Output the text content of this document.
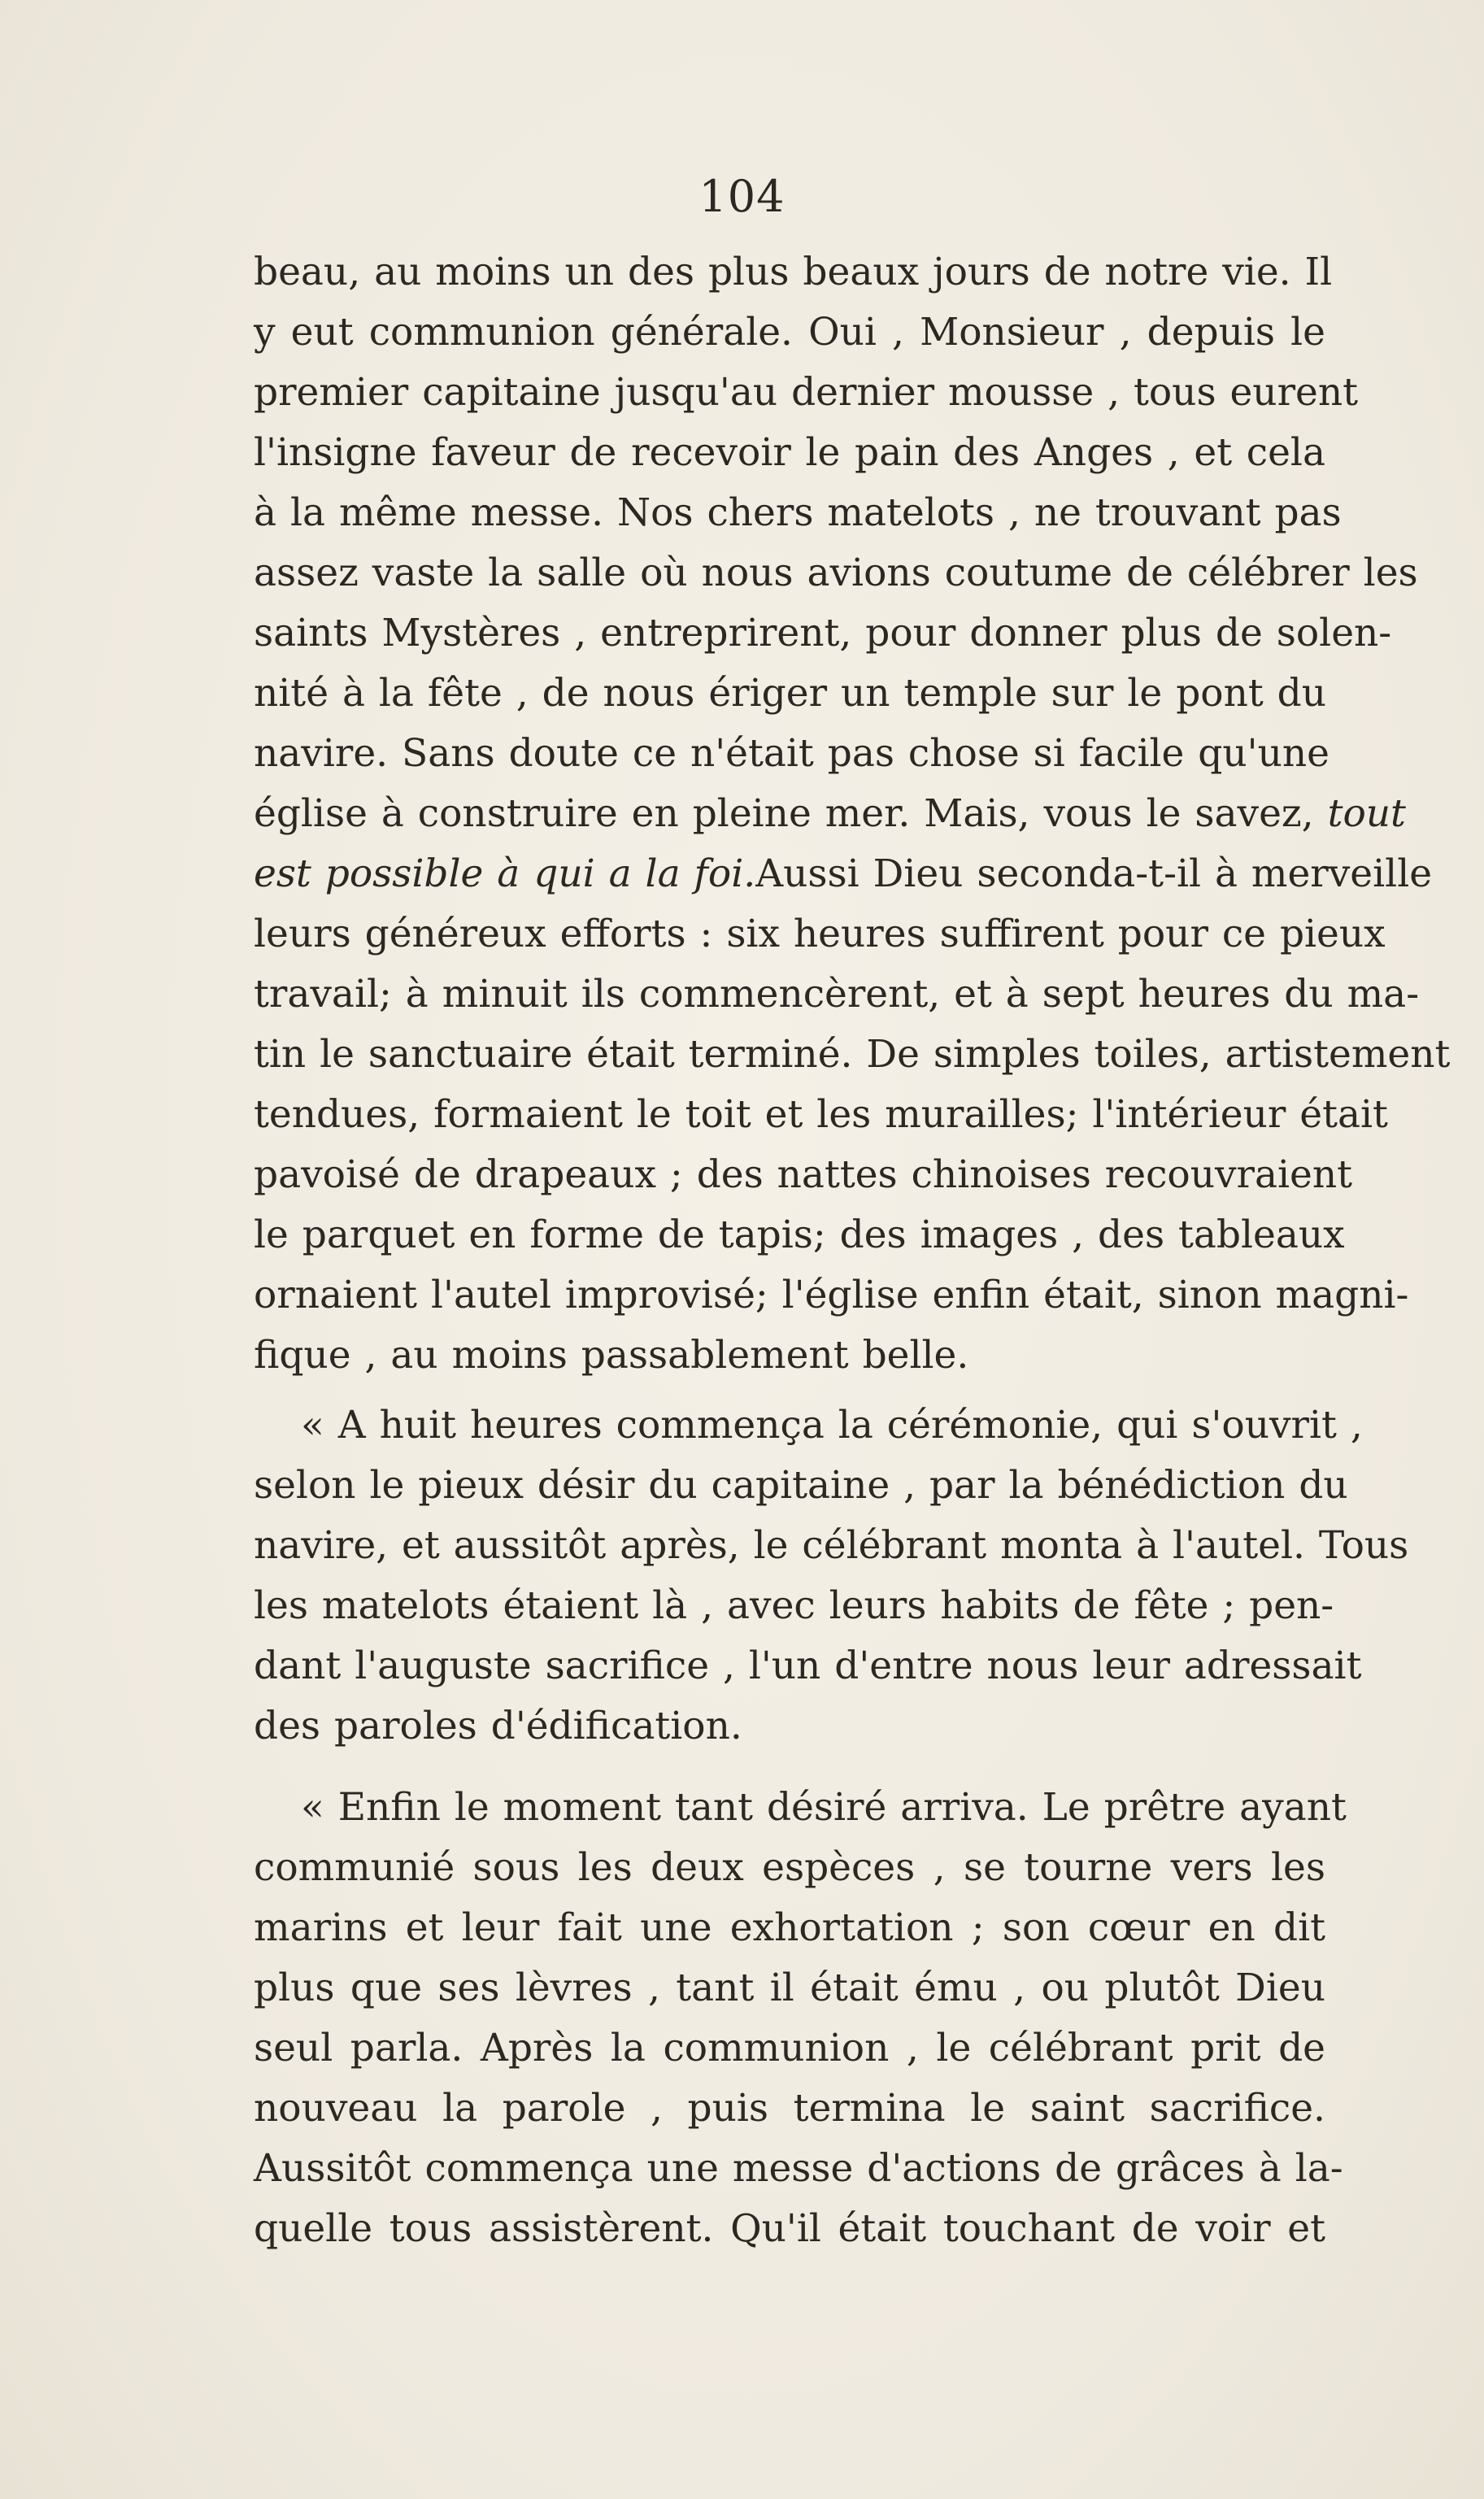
104
beau, au moins un des plus beaux jours de notre vie. Il
y eut communion générale. Oui , Monsieur , depuis le
premier capitaine jusqu'au dernier mousse , tous eurent
l'insigne faveur de recevoir le pain des Anges , et cela
à la même messe. Nos chers matelots , ne trouvant pas
assez vaste la salle où nous avions coutume de célébrer les
saints Mystères , entreprirent, pour donner plus de solen-
nité à la fête , de nous ériger un temple sur le pont du
navire. Sans doute ce n'était pas chose si facile qu'une
église à construire en pleine mer. Mais, vous le savez, tout
est possible à qui a la foi.Aussi Dieu seconda-t-il à merveille
leurs généreux efforts : six heures suffirent pour ce pieux
travail; à minuit ils commencèrent, et à sept heures du ma-
tin le sanctuaire était terminé. De simples toiles, artistement
tendues, formaient le toit et les murailles; l'intérieur était
pavoisé de drapeaux ; des nattes chinoises recouvraient
le parquet en forme de tapis; des images , des tableaux
ornaient l'autel improvisé; l'église enfin était, sinon magni-
fique , au moins passablement belle.
« A huit heures commença la cérémonie, qui s'ouvrit ,
selon le pieux désir du capitaine , par la bénédiction du
navire, et aussitôt après, le célébrant monta à l'autel. Tous
les matelots étaient là , avec leurs habits de fête ; pen-
dant l'auguste sacrifice , l'un d'entre nous leur adressait
des paroles d'édification.
« Enfin le moment tant désiré arriva. Le prêtre ayant
communié sous les deux espèces , se tourne vers les
marins et leur fait une exhortation ; son cœur en dit
plus que ses lèvres , tant il était ému , ou plutôt Dieu
seul parla. Après la communion , le célébrant prit de
nouveau la parole , puis termina le saint sacrifice.
Aussitôt commença une messe d'actions de grâces à la-
quelle tous assistèrent. Qu'il était touchant de voir et
